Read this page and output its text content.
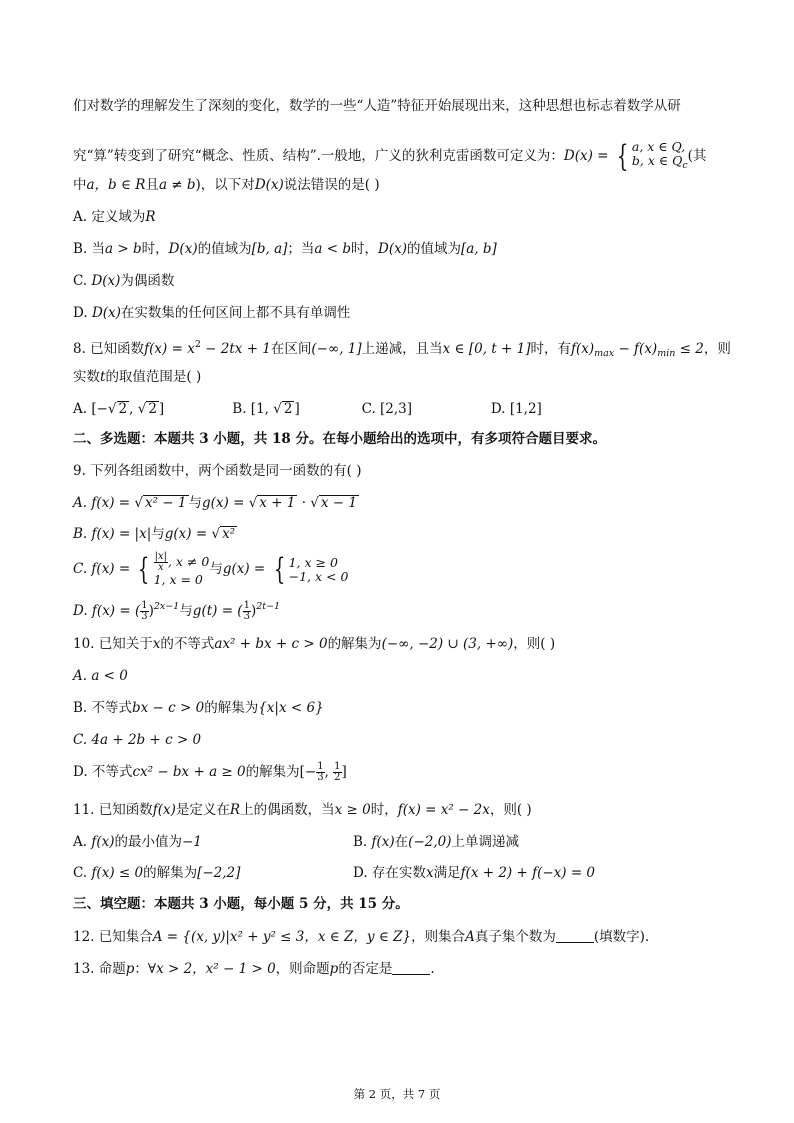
们对数学的理解发生了深刻的变化，数学的一些“人造”特征开始展现出来，这种思想也标志着数学从研
究“算”转变到了研究“概念、性质、结构”.一般地，广义的狄利克雷函数可定义为：D(x) = { a, x ∈ Q,
b, x ∈ $Q_c$(其
中a，b ∈ R且a ≠ b)，以下对D(x)说法错误的是( )
A. 定义域为R
B. 当a > b时，D(x)的值域为[b, a]；当a < b时，D(x)的值域为[a, b]
C. D(x)为偶函数
D. D(x)在实数集的任何区间上都不具有单调性
8. 已知函数$f(x) = x^2 - 2tx + 1$在区间(−∞, 1]上递减，且当x ∈ [0, t + 1]时，有$f(x)_{max} - f(x)_{min} \le 2$，则
实数t的取值范围是( )
A. [−√ 2 , √ 2 ]	B. [1, √ 2 ]	C. [2,3]	D. [1,2]
二、多选题：本题共 3 小题，共 18 分。在每小题给出的选项中，有多项符合题目要求。
9. 下列各组函数中，两个函数是同一函数的有( )
A. f(x) = √ x² − 1 与g(x) = √ x + 1 · √ x − 1
B. f(x) = |x|与g(x) = √ x²
C. f(x) = { $\frac{|x|}{x}$ , x ≠ 0
1, x = 0与g(x) = { 1, x ≥ 0
−1, x < 0
D. f(x) = ( $\frac{1}{3} )^{2x-1}$与g(t) = ( $\frac{1}{3} )^{2t-1}$
10. 已知关于x的不等式ax² + bx + c > 0的解集为(−∞, −2) ∪ (3, +∞)，则( )
A. a < 0
B. 不等式bx − c > 0的解集为{x|x < 6}
C. 4a + 2b + c > 0
D. 不等式cx² − bx + a ≥ 0的解集为[− $\frac{1}{3}$ , $\frac{1}{2}$ ]
11. 已知函数f(x)是定义在R上的偶函数，当x ≥ 0时，f(x) = x² − 2x，则( )
A. f(x)的最小值为−1	B. f(x)在(−2,0)上单调递减
C. f(x) ≤ 0的解集为[−2,2]	D. 存在实数x满足f(x + 2) + f(−x) = 0
三、填空题：本题共 3 小题，每小题 5 分，共 15 分。
12. 已知集合A = {(x, y)|x² + y² ≤ 3，x ∈ Z，y ∈ Z}，则集合A真子集个数为	(填数字).
13. 命题p：∀x > 2，x² − 1 > 0，则命题p的否定是	.
第 2 页，共 7 页
